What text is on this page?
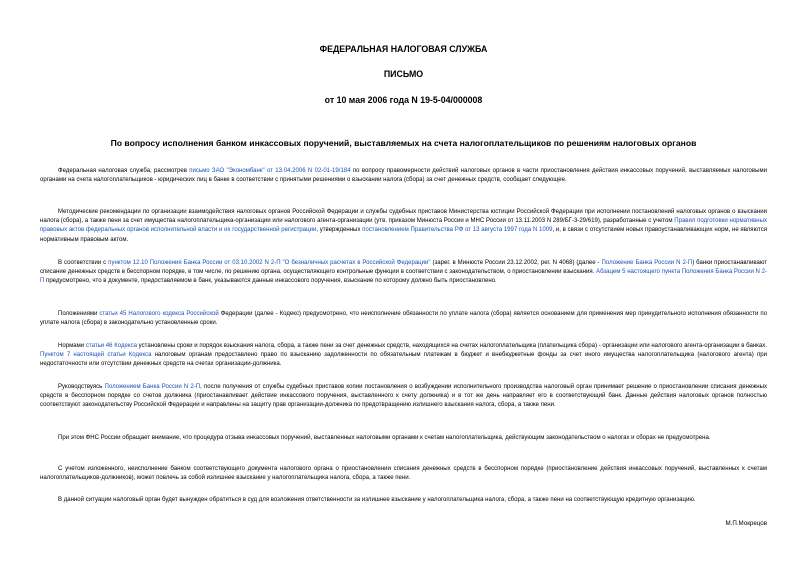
ФЕДЕРАЛЬНАЯ НАЛОГОВАЯ СЛУЖБА
ПИСЬМО
от 10 мая 2006 года N 19-5-04/000008
По вопросу исполнения банком инкассовых поручений, выставляемых на счета налогоплательщиков по решениям налоговых органов
Федеральная налоговая служба, рассмотрев письмо ЗАО "Экономбанк" от 13.04.2006 N 02-01-19/184 по вопросу правомерности действий налоговых органов в части приостановления действия инкассовых поручений, выставляемых налоговыми органами на счета налогоплательщиков - юридических лиц в банке в соответствии с принятыми решениями о взыскании налога (сбора) за счет денежных средств, сообщает следующее.
Методические рекомендации по организации взаимодействия налоговых органов Российской Федерации и службы судебных приставов Министерства юстиции Российской Федерации при исполнении постановлений налоговых органов о взыскании налога (сбора), а также пени за счет имущества налогоплательщика-организации или налогового агента-организации (утв. приказом Минюста России и МНС России от 13.11.2003 N 289/БГ-3-29/619), разработанные с учетом Правил подготовки нормативных правовых актов федеральных органов исполнительной власти и их государственной регистрации, утвержденных постановлением Правительства РФ от 13 августа 1997 года N 1009, и, в связи с отсутствием новых правоустанавливающих норм, не являются нормативным правовым актом.
В соответствии с пунктом 12.10 Положения Банка России от 03.10.2002 N 2-П "О безналичных расчетах в Российской Федерации" (зарег. в Минюсте России 23.12.2002, рег. N 4068) (далее - Положение Банка России N 2-П) банки приостанавливают списание денежных средств в бесспорном порядке, в том числе, по решению органа, осуществляющего контрольные функции в соответствии с законодательством, о приостановлении взыскания. Абзацем 5 настоящего пункта Положения Банка России N 2-П предусмотрено, что в документе, предоставляемом в банк, указываются данные инкассового поручения, взыскание по которому должно быть приостановлено.
Положениями статьи 45 Налогового кодекса Российской Федерации (далее - Кодекс) предусмотрено, что неисполнение обязанности по уплате налога (сбора) является основанием для применения мер принудительного исполнения обязанности по уплате налога (сбора) в законодательно установленные сроки.
Нормами статьи 46 Кодекса установлены сроки и порядок взыскания налога, сбора, а также пени за счет денежных средств, находящихся на счетах налогоплательщика (плательщика сбора) - организации или налогового агента-организации в банках. Пунктом 7 настоящей статьи Кодекса налоговым органам предоставлено право по взысканию задолженности по обязательным платежам в бюджет и внебюджетные фонды за счет иного имущества налогоплательщика (налогового агента) при недостаточности или отсутствии денежных средств на счетах организации-должника.
Руководствуясь Положением Банка России N 2-П, после получения от службы судебных приставов копии постановления о возбуждении исполнительного производства налоговый орган принимает решение о приостановлении списания денежных средств в бесспорном порядке со счетов должника (приостанавливает действие инкассового поручения, выставленного к счету должника) и в тот же день направляет его в соответствующий банк. Данные действия налоговых органов полностью соответствуют законодательству Российской Федерации и направлены на защиту прав организации-должника по предотвращению излишнего взыскания налога, сбора, а также пени.
При этом ФНС России обращает внимание, что процедура отзыва инкассовых поручений, выставленных налоговыми органами к счетам налогоплательщика, действующим законодательством о налогах и сборах не предусмотрена.
С учетом изложенного, неисполнение банком соответствующего документа налогового органа о приостановлении списания денежных средств в бесспорном порядке (приостановление действия инкассовых поручений, выставленных к счетам налогоплательщиков-должников), может повлечь за собой излишнее взыскание у налогоплательщика налога, сбора, а также пени.
В данной ситуации налоговый орган будет вынужден обратиться в суд для возложения ответственности за излишнее взыскание у налогоплательщика налога, сбора, а также пени на соответствующую кредитную организацию.
М.П.Мокрецов
